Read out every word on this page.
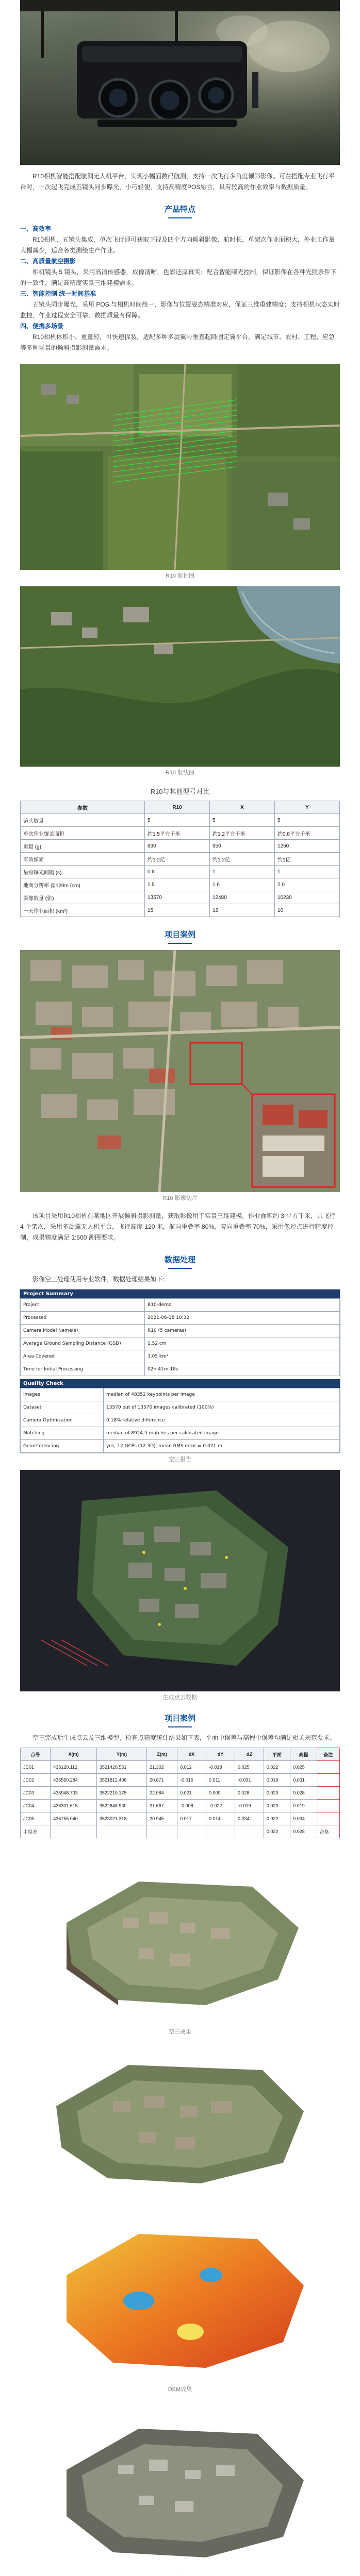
R10相机智能搭配航测无人机平台，实现小幅面数码航测，支持一次飞行多角度倾斜影像。可在搭配专业飞行平台时，一次起飞完成五镜头同步曝光，小巧轻便，支持高精度POS融合，具有较高的作业效率与数据质量。

产品特点

一、高效率

R10相机，五镜头集成，单次飞行即可获取下视及四个方向倾斜影像，航时长，单架次作业面积大，外业工作量大幅减少，适合各类测绘生产作业。

二、高质量航空摄影

相机镜头 5 镜头，采用高清传感器，成像清晰，色彩还原真实；配合智能曝光控制，保证影像在各种光照条件下的一致性，满足高精度实景三维建模需求。

三、智能控制 统一时间基准

五镜头同步曝光，采用 POS 与相机时间统一，影像与位置姿态精准对应，保证三维重建精度；支持相机状态实时监控，作业过程安全可靠，数据质量有保障。

四、便携多场景

R10相机体积小、重量轻，可快速拆装，适配多种多旋翼与垂直起降固定翼平台，满足城市、农村、工程、应急等多种场景的倾斜摄影测量需求。

R10 航拍图
R10 航线图
R10与其他型号对比
参数	R10	X	Y
镜头数量	5	5	5
单次作业覆盖面积	约1.5平方千米	约1.2平方千米	约0.8平方千米
重量 (g)	890	950	1250
有效像素	约1.2亿	约1.2亿	约1亿
最短曝光间隔 (s)	0.8	1	1
地面分辨率 @120m (cm)	1.5	1.6	2.0
影像数量 (张)	13570	12480	10230
一天作业面积 (km²)	15	12	10
项目案例
R10 影像切片

该项目采用R10相机在某地区开展倾斜摄影测量，获取影像用于实景三维建模，作业面积约 3 平方千米，共飞行 4 个架次，采用多旋翼无人机平台，飞行高度 120 米，航向重叠率 80%，旁向重叠率 70%，采用像控点进行精度控制，成果精度满足 1:500 测图要求。

数据处理

影像空三处理使用专业软件，数据处理结果如下：

Project Summary
Project	R10-demo
Processed	2021-06-18 10:32
Camera Model Name(s)	R10 (5 cameras)
Average Ground Sampling Distance (GSD)	1.52 cm
Area Covered	3.05 km²
Time for Initial Processing	02h:41m:18s
Quality Check
Images	median of 48352 keypoints per image
Dataset	13570 out of 13570 images calibrated (100%)
Camera Optimization	0.18% relative difference
Matching	median of 8924.5 matches per calibrated image
Georeferencing	yes, 12 GCPs (12 3D), mean RMS error = 0.021 m
空三报告
生成点云数据
项目案例

空三完成后生成点云及三维模型，检查点精度统计结果如下表，平面中误差与高程中误差均满足相关规范要求。

点号	X(m)	Y(m)	Z(m)	dX	dY	dZ	平面	高程	备注
JC01	435120.112	3521420.551	21.302	0.012	-0.018	0.025	0.022	0.025	
JC02	435560.284	3521812.406	20.871	-0.015	0.011	-0.031	0.019	0.031	
JC03	435948.733	3522210.175	22.084	0.021	0.009	0.028	0.023	0.028	
JC04	436301.615	3522648.930	21.667	-0.008	-0.022	-0.019	0.023	0.019	
JC05	436755.040	3523021.318	20.945	0.017	0.014	0.034	0.022	0.034	
中误差							0.022	0.028	合格
空三成果
DEM成果
